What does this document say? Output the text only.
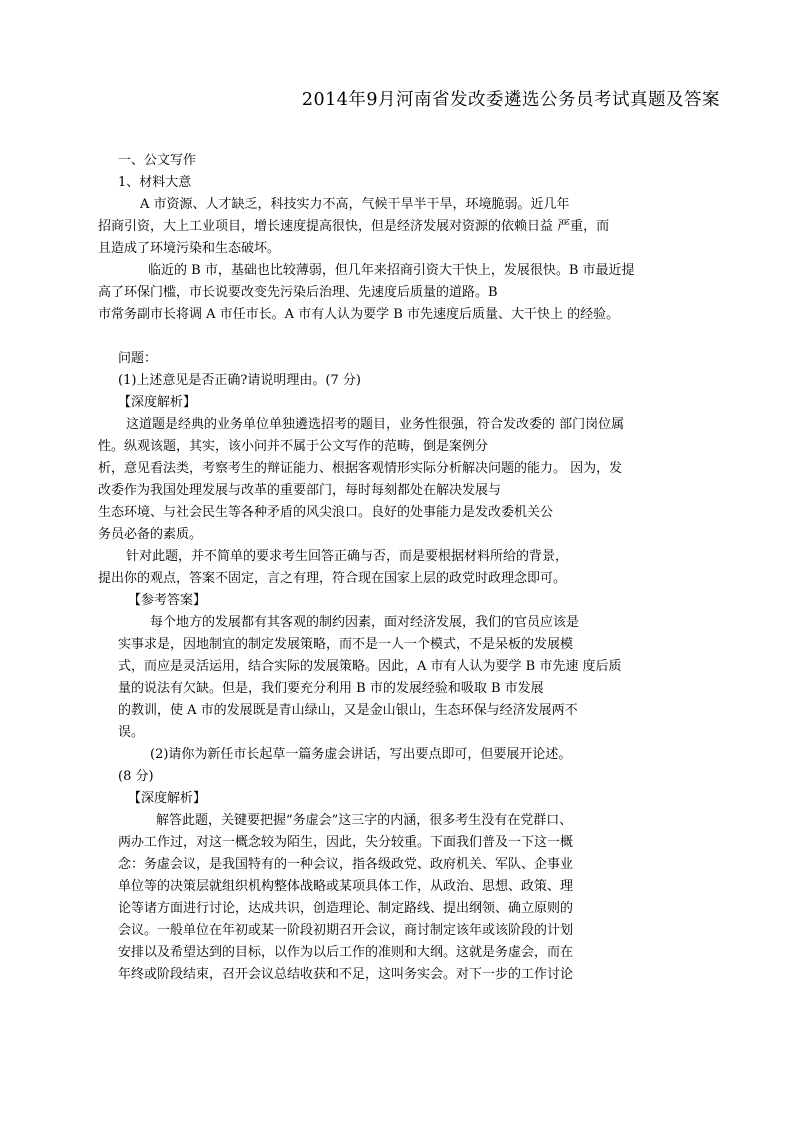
2014年9月河南省发改委遴选公务员考试真题及答案
一、公文写作
1、材料大意
A 市资源、人才缺乏，科技实力不高，气候干旱半干旱，环境脆弱。近几年
招商引资，大上工业项目，增长速度提高很快，但是经济发展对资源的依赖日益 严重，而
且造成了环境污染和生态破坏。
临近的 B 市，基础也比较薄弱，但几年来招商引资大干快上，发展很快。B 市最近提
高了环保门槛，市长说要改变先污染后治理、先速度后质量的道路。B
市常务副市长将调 A 市任市长。A 市有人认为要学 B 市先速度后质量、大干快上 的经验。
问题：
(1)上述意见是否正确?请说明理由。(7 分)
【深度解析】
这道题是经典的业务单位单独遴选招考的题目，业务性很强，符合发改委的 部门岗位属
性。纵观该题，其实，该小问并不属于公文写作的范畴，倒是案例分
析，意见看法类，考察考生的辩证能力、根据客观情形实际分析解决问题的能力。 因为，发
改委作为我国处理发展与改革的重要部门，每时每刻都处在解决发展与
生态环境、与社会民生等各种矛盾的风尖浪口。良好的处事能力是发改委机关公
务员必备的素质。
针对此题，并不简单的要求考生回答正确与否，而是要根据材料所给的背景，
提出你的观点，答案不固定，言之有理，符合现在国家上层的政党时政理念即可。
【参考答案】
每个地方的发展都有其客观的制约因素，面对经济发展，我们的官员应该是
实事求是，因地制宜的制定发展策略，而不是一人一个模式，不是呆板的发展模
式，而应是灵活运用，结合实际的发展策略。因此，A 市有人认为要学 B 市先速 度后质
量的说法有欠缺。但是，我们要充分利用 B 市的发展经验和吸取 B 市发展
的教训，使 A 市的发展既是青山绿山，又是金山银山，生态环保与经济发展两不
误。
(2)请你为新任市长起草一篇务虚会讲话，写出要点即可，但要展开论述。
(8 分)
【深度解析】
解答此题，关键要把握“务虚会”这三字的内涵，很多考生没有在党群口、
两办工作过，对这一概念较为陌生，因此，失分较重。下面我们普及一下这一概
念：务虚会议，是我国特有的一种会议，指各级政党、政府机关、军队、企事业
单位等的决策层就组织机构整体战略或某项具体工作，从政治、思想、政策、理
论等诸方面进行讨论，达成共识，创造理论、制定路线、提出纲领、确立原则的
会议。一般单位在年初或某一阶段初期召开会议，商讨制定该年或该阶段的计划
安排以及希望达到的目标，以作为以后工作的准则和大纲。这就是务虚会，而在
年终或阶段结束，召开会议总结收获和不足，这叫务实会。对下一步的工作讨论
